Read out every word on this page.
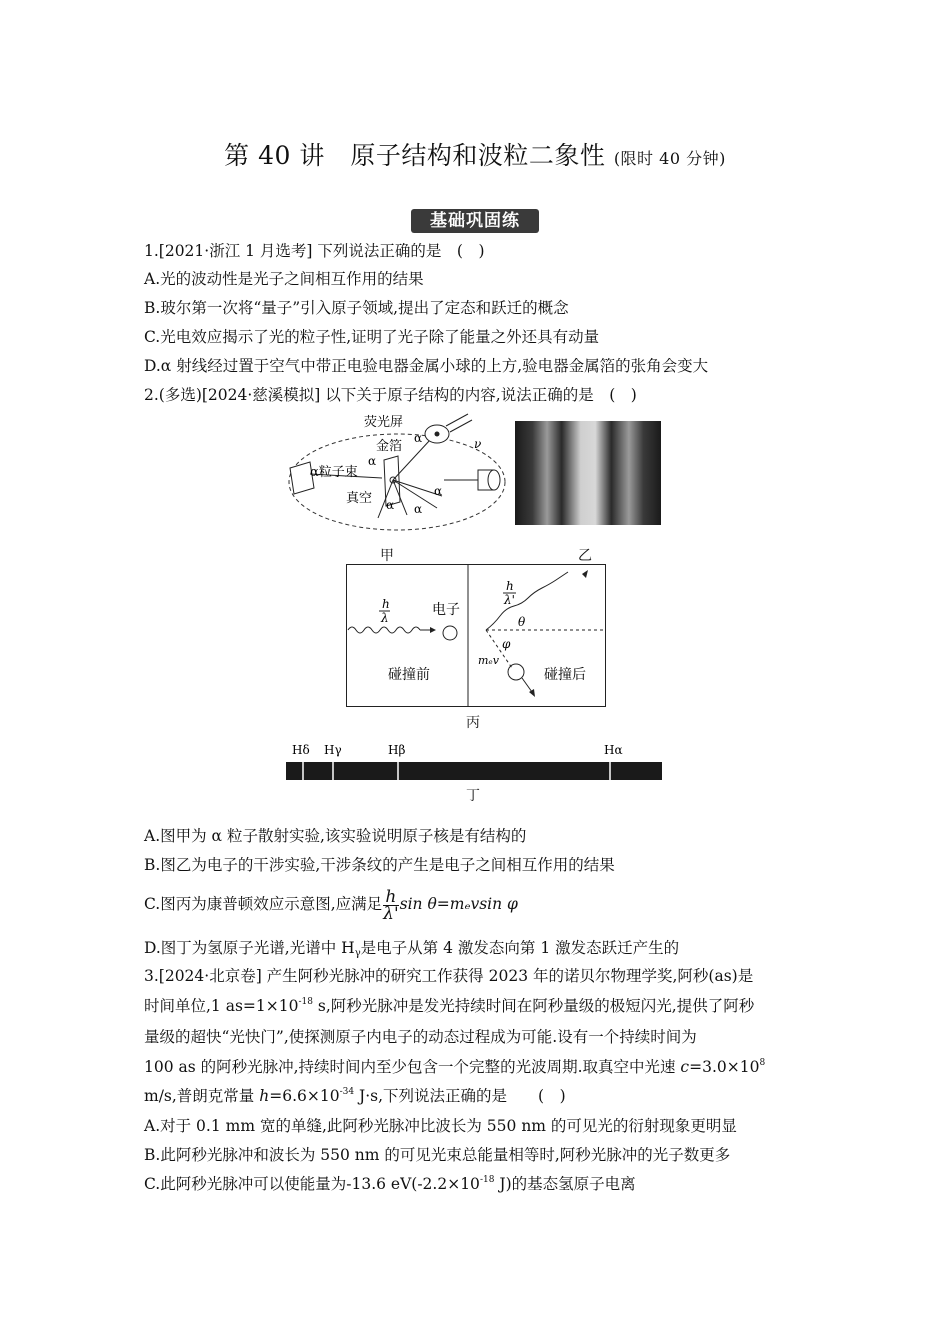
第 40 讲　原子结构和波粒二象性 (限时 40 分钟)
基础巩固练
1.[2021·浙江 1 月选考] 下列说法正确的是　(　)
A.光的波动性是光子之间相互作用的结果
B.玻尔第一次将“量子”引入原子领域,提出了定态和跃迁的概念
C.光电效应揭示了光的粒子性,证明了光子除了能量之外还具有动量
D.α 射线经过置于空气中带正电验电器金属小球的上方,验电器金属箔的张角会变大
2.(多选)[2024·慈溪模拟] 以下关于原子结构的内容,说法正确的是　(　)
荧光屏
金箔
α粒子束
真空
α
α
α α
α
ν
甲	乙
h
λ	电子
碰撞前
h
λ'
θ
φ
mₑv
碰撞后
丙
Hδ Hγ	Hβ	Hα
丁
A.图甲为 α 粒子散射实验,该实验说明原子核是有结构的
B.图乙为电子的干涉实验,干涉条纹的产生是电子之间相互作用的结果
C.图丙为康普顿效应示意图,应满足 $\frac{h}{\lambda'}$ sin θ=mₑvsin φ
D.图丁为氢原子光谱,光谱中 $H_\gamma$是电子从第 4 激发态向第 1 激发态跃迁产生的
3.[2024·北京卷] 产生阿秒光脉冲的研究工作获得 2023 年的诺贝尔物理学奖,阿秒(as)是
时间单位,1 $as=1\times 10^{-18}$ s,阿秒光脉冲是发光持续时间在阿秒量级的极短闪光,提供了阿秒
量级的超快“光快门”,使探测原子内电子的动态过程成为可能.设有一个持续时间为
100 as 的阿秒光脉冲,持续时间内至少包含一个完整的光波周期.取真空中光速 $c=3.0\times 10^8$
m/s,普朗克常量 $h=6.6\times 10^{-34}$ J·s,下列说法正确的是　　(　)
A.对于 0.1 mm 宽的单缝,此阿秒光脉冲比波长为 550 nm 的可见光的衍射现象更明显
B.此阿秒光脉冲和波长为 550 nm 的可见光束总能量相等时,阿秒光脉冲的光子数更多
C.此阿秒光脉冲可以使能量为-13.6 $eV(-2.2\times 10^{-18}$ J)的基态氢原子电离
